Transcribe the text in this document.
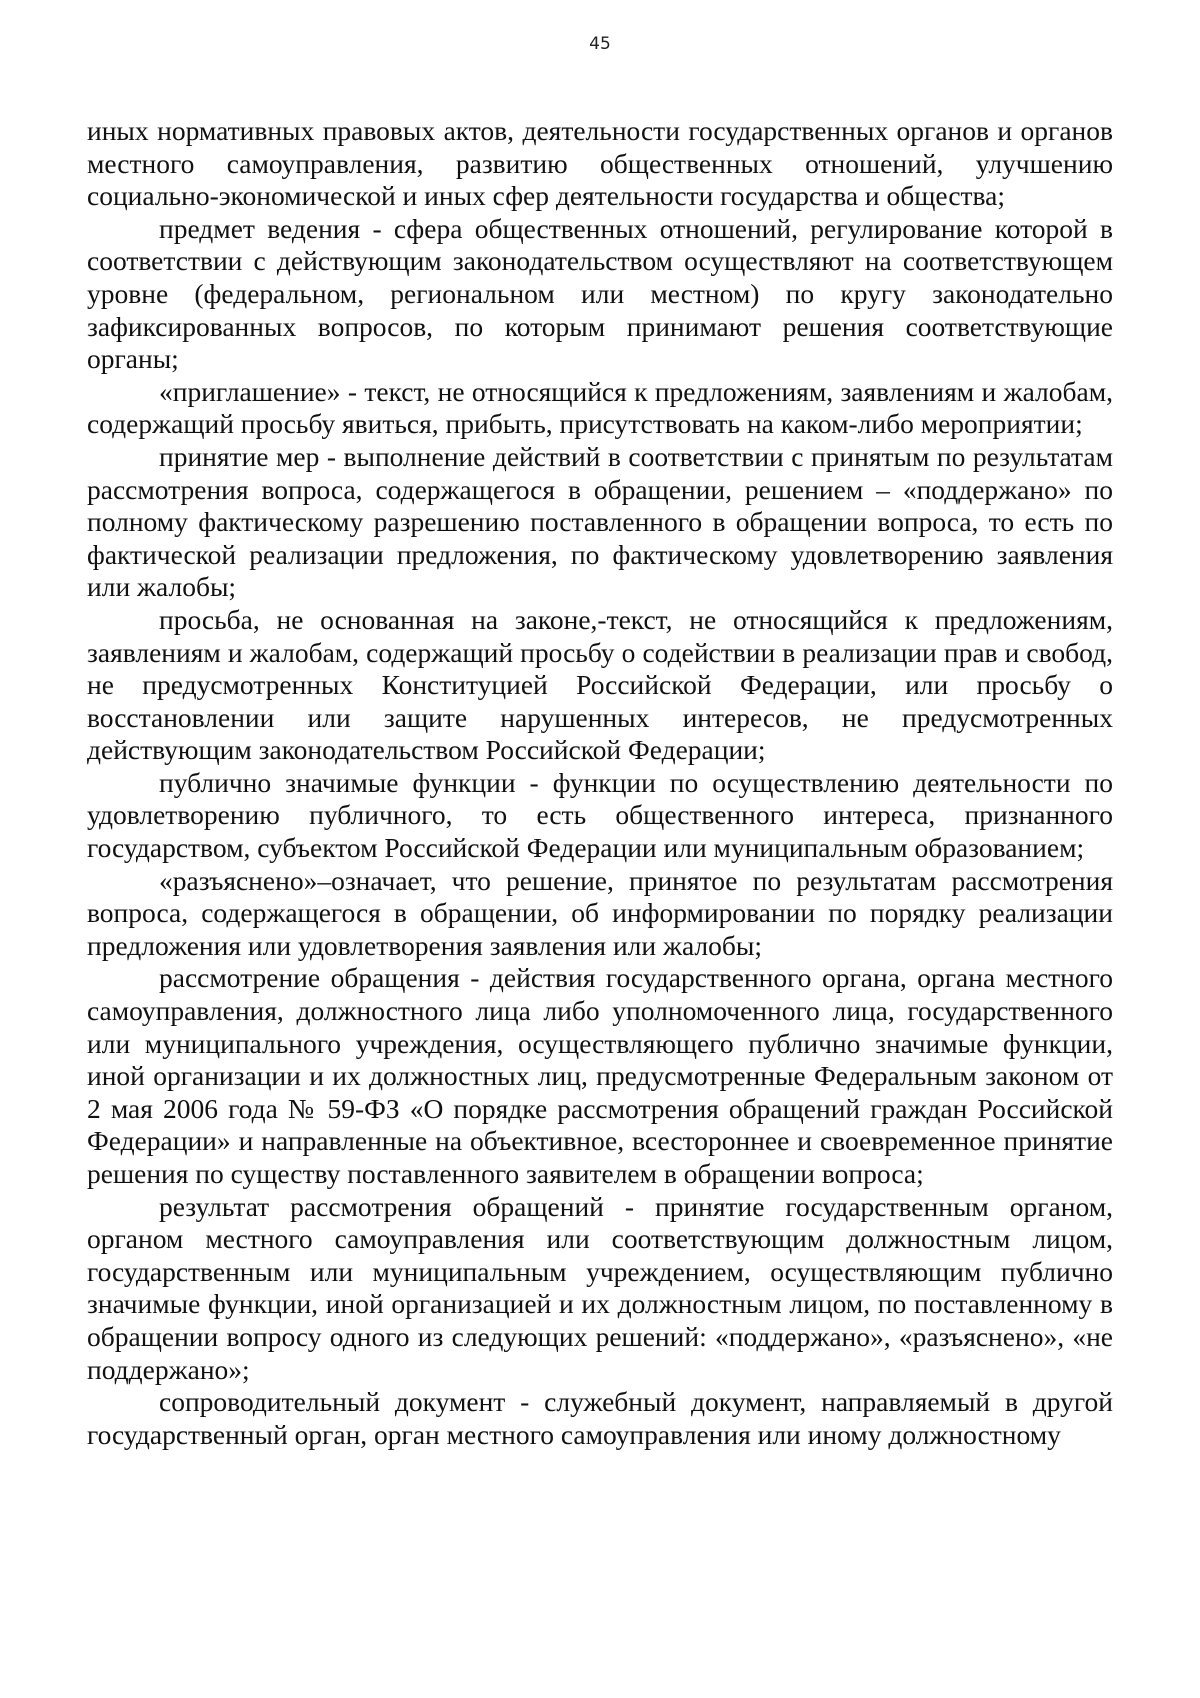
45

иных нормативных правовых актов, деятельности государственных органов и органов местного самоуправления, развитию общественных отношений, улучшению социально-экономической и иных сфер деятельности государства и общества;

предмет ведения - сфера общественных отношений, регулирование которой в соответствии с действующим законодательством осуществляют на соответствующем уровне (федеральном, региональном или местном) по кругу законодательно зафиксированных вопросов, по которым принимают решения соответствующие органы;

«приглашение» - текст, не относящийся к предложениям, заявлениям и жалобам, содержащий просьбу явиться, прибыть, присутствовать на каком-либо мероприятии;

принятие мер - выполнение действий в соответствии с принятым по результатам рассмотрения вопроса, содержащегося в обращении, решением – «поддержано» по полному фактическому разрешению поставленного в обращении вопроса, то есть по фактической реализации предложения, по фактическому удовлетворению заявления или жалобы;

просьба, не основанная на законе,-текст, не относящийся к предложениям, заявлениям и жалобам, содержащий просьбу о содействии в реализации прав и свобод, не предусмотренных Конституцией Российской Федерации, или просьбу о восстановлении или защите нарушенных интересов, не предусмотренных действующим законодательством Российской Федерации;

публично значимые функции - функции по осуществлению деятельности по удовлетворению публичного, то есть общественного интереса, признанного государством, субъектом Российской Федерации или муниципальным образованием;

«разъяснено»–означает, что решение, принятое по результатам рассмотрения вопроса, содержащегося в обращении, об информировании по порядку реализации предложения или удовлетворения заявления или жалобы;

рассмотрение обращения - действия государственного органа, органа местного самоуправления, должностного лица либо уполномоченного лица, государственного или муниципального учреждения, осуществляющего публично значимые функции, иной организации и их должностных лиц, предусмотренные Федеральным законом от 2 мая 2006 года № 59-ФЗ «О порядке рассмотрения обращений граждан Российской Федерации» и направленные на объективное, всестороннее и своевременное принятие решения по существу поставленного заявителем в обращении вопроса;

результат рассмотрения обращений - принятие государственным органом, органом местного самоуправления или соответствующим должностным лицом, государственным или муниципальным учреждением, осуществляющим публично значимые функции, иной организацией и их должностным лицом, по поставленному в обращении вопросу одного из следующих решений: «поддержано», «разъяснено», «не поддержано»;

сопроводительный документ - служебный документ, направляемый в другой государственный орган, орган местного самоуправления или иному должностному
